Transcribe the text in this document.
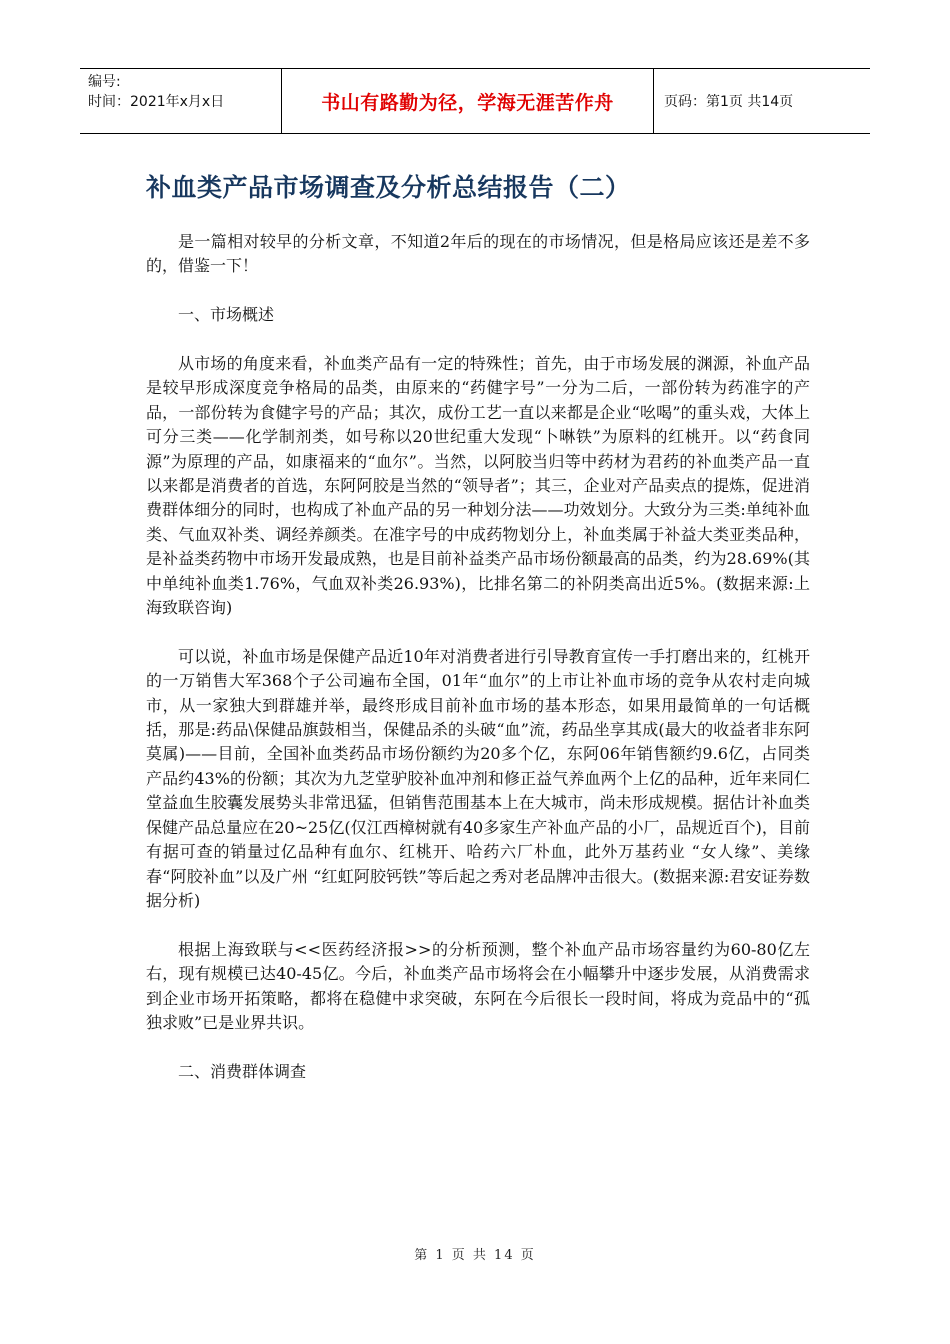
编号:
时间：2021年x月x日	书山有路勤为径，学海无涯苦作舟	页码：第1页 共14页
补血类产品市场调查及分析总结报告（二）

是一篇相对较早的分析文章，不知道2年后的现在的市场情况，但是格局应该还是差不多的，借鉴一下！

一、市场概述

从市场的角度来看，补血类产品有一定的特殊性；首先，由于市场发展的渊源，补血产品是较早形成深度竞争格局的品类，由原来的“药健字号”一分为二后，一部份转为药准字的产品，一部份转为食健字号的产品；其次，成份工艺一直以来都是企业“吆喝”的重头戏，大体上可分三类——化学制剂类，如号称以20世纪重大发现“卜啉铁”为原料的红桃开。以“药食同源”为原理的产品，如康福来的“血尔”。当然，以阿胶当归等中药材为君药的补血类产品一直以来都是消费者的首选，东阿阿胶是当然的“领导者”；其三，企业对产品卖点的提炼，促进消费群体细分的同时，也构成了补血产品的另一种划分法——功效划分。大致分为三类:单纯补血类、气血双补类、调经养颜类。在准字号的中成药物划分上，补血类属于补益大类亚类品种，是补益类药物中市场开发最成熟，也是目前补益类产品市场份额最高的品类，约为28.69%(其中单纯补血类1.76%，气血双补类26.93%)，比排名第二的补阴类高出近5%。(数据来源:上海致联咨询)

可以说，补血市场是保健产品近10年对消费者进行引导教育宣传一手打磨出来的，红桃开的一万销售大军368个子公司遍布全国，01年“血尔”的上市让补血市场的竞争从农村走向城市，从一家独大到群雄并举，最终形成目前补血市场的基本形态，如果用最简单的一句话概括，那是:药品\保健品旗鼓相当，保健品杀的头破“血”流，药品坐享其成(最大的收益者非东阿莫属)——目前，全国补血类药品市场份额约为20多个亿，东阿06年销售额约9.6亿，占同类产品约43%的份额；其次为九芝堂驴胶补血冲剂和修正益气养血两个上亿的品种，近年来同仁堂益血生胶囊发展势头非常迅猛，但销售范围基本上在大城市，尚未形成规模。据估计补血类保健产品总量应在20~25亿(仅江西樟树就有40多家生产补血产品的小厂，品规近百个)，目前有据可查的销量过亿品种有血尔、红桃开、哈药六厂朴血，此外万基药业 “女人缘”、美缘春“阿胶补血”以及广州 “红虹阿胶钙铁”等后起之秀对老品牌冲击很大。(数据来源:君安证券数据分析)

根据上海致联与<<医药经济报>>的分析预测，整个补血产品市场容量约为60-80亿左右，现有规模已达40-45亿。今后，补血类产品市场将会在小幅攀升中逐步发展，从消费需求到企业市场开拓策略，都将在稳健中求突破，东阿在今后很长一段时间，将成为竞品中的“孤独求败”已是业界共识。

二、消费群体调查

第 1 页 共 14 页
